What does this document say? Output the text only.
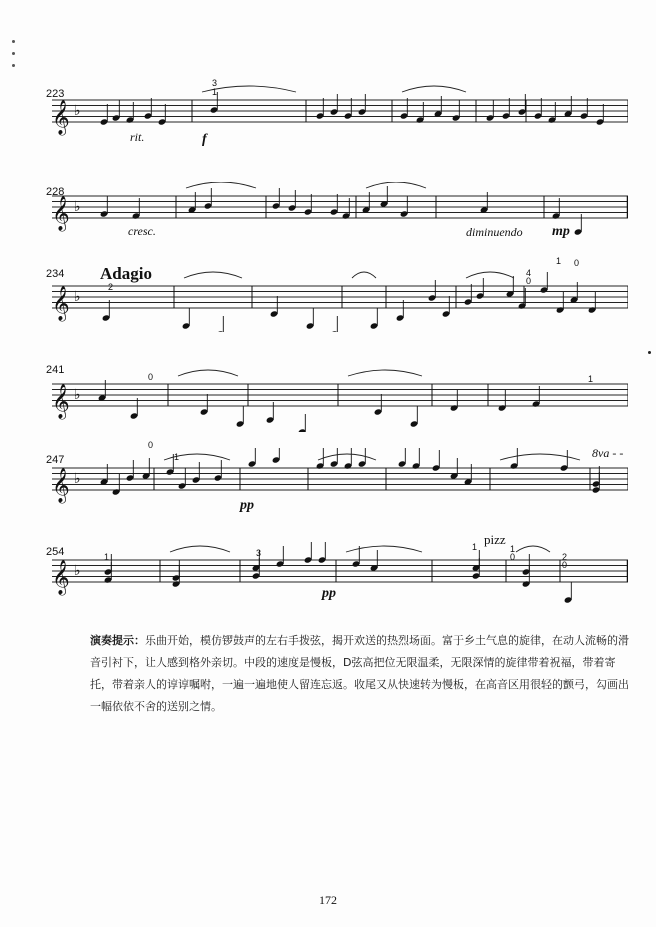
223
𝄞 ♭
rit.	f
3
1
228
𝄞 ♭
cresc.	diminuendo mp
234 Adagio
𝄞 ♭
2
4
0
1 0
241
𝄞 ♭
0	1
247
𝄞 ♭
pp
8va - -
0
1
254
𝄞 ♭
pp
pizz
1	3
1	1
0	2
0
演奏提示：乐曲开始，模仿锣鼓声的左右手拨弦，揭开欢送的热烈场面。富于乡土气息的旋律，在动人流畅的滑音引衬下，让人感到格外亲切。中段的速度是慢板，D弦高把位无限温柔，无限深情的旋律带着祝福，带着寄托，带着亲人的谆谆嘱咐，一遍一遍地使人留连忘返。收尾又从快速转为慢板，在高音区用很轻的颤弓，勾画出一幅依依不舍的送别之情。
172
